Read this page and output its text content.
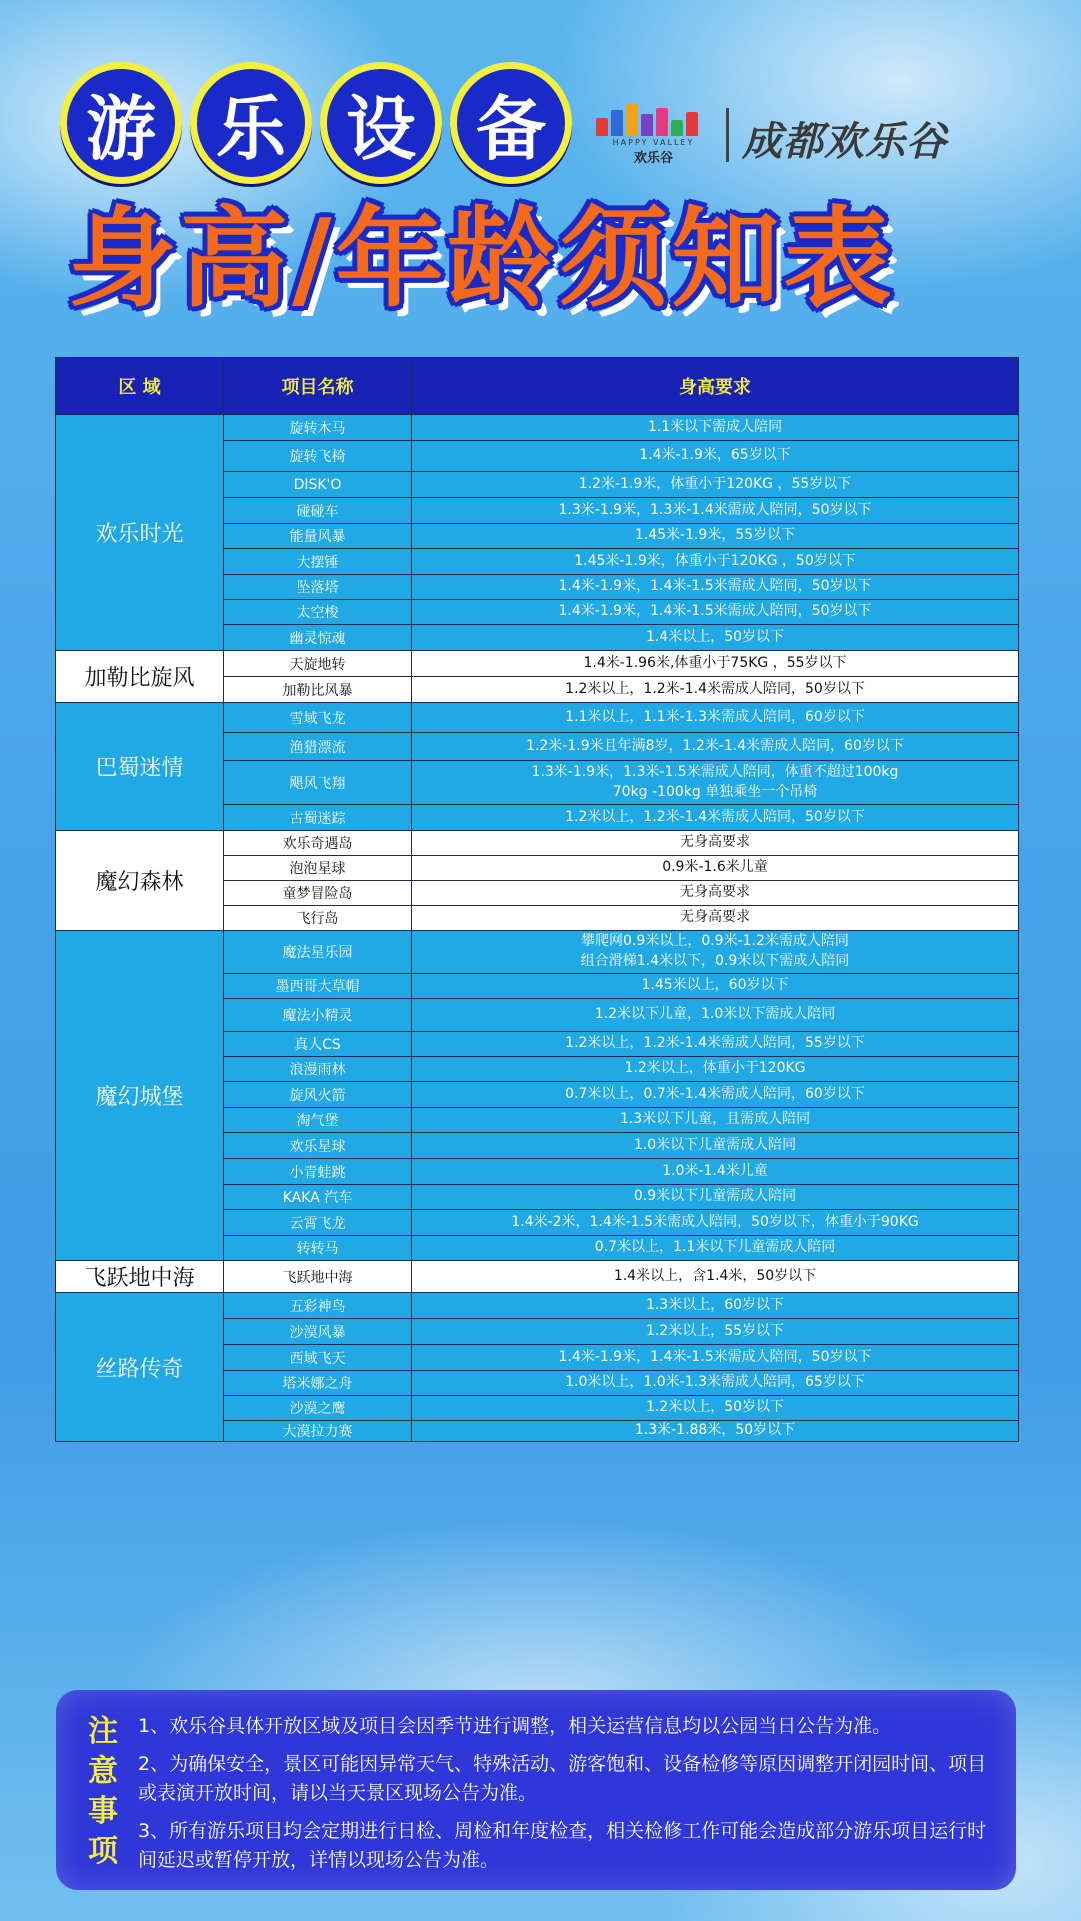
游 乐 设 备	HAPPY VALLEY
欢乐谷	成都欢乐谷
身高/年龄须知表
区 域	项目名称	身高要求
欢乐时光	旋转木马	1.1米以下需成人陪同
	旋转飞椅	1.4米-1.9米，65岁以下
	DISK'O	1.2米-1.9米，体重小于120KG ，55岁以下
	碰碰车	1.3米-1.9米，1.3米-1.4米需成人陪同，50岁以下
	能量风暴	1.45米-1.9米，55岁以下
	大摆锤	1.45米-1.9米，体重小于120KG ，50岁以下
	坠落塔	1.4米-1.9米，1.4米-1.5米需成人陪同，50岁以下
	太空梭	1.4米-1.9米，1.4米-1.5米需成人陪同，50岁以下
	幽灵惊魂	1.4米以上，50岁以下
加勒比旋风	天旋地转	1.4米-1.96米,体重小于75KG ，55岁以下
	加勒比风暴	1.2米以上，1.2米-1.4米需成人陪同，50岁以下
巴蜀迷情	雪域飞龙	1.1米以上，1.1米-1.3米需成人陪同，60岁以下
	渔猎漂流	1.2米-1.9米且年满8岁，1.2米-1.4米需成人陪同，60岁以下
	飓风飞翔	1.3米-1.9米，1.3米-1.5米需成人陪同，体重不超过100kg
70kg -100kg 单独乘坐一个吊椅
	古蜀迷踪	1.2米以上，1.2米-1.4米需成人陪同，50岁以下
魔幻森林	欢乐奇遇岛	无身高要求
	泡泡星球	0.9米-1.6米儿童
	童梦冒险岛	无身高要求
	飞行岛	无身高要求
魔幻城堡	魔法星乐园	攀爬网0.9米以上，0.9米-1.2米需成人陪同
组合滑梯1.4米以下，0.9米以下需成人陪同
	墨西哥大草帽	1.45米以上，60岁以下
	魔法小精灵	1.2米以下儿童，1.0米以下需成人陪同
	真人CS	1.2米以上，1.2米-1.4米需成人陪同，55岁以下
	浪漫雨林	1.2米以上，体重小于120KG
	旋风火箭	0.7米以上，0.7米-1.4米需成人陪同，60岁以下
	淘气堡	1.3米以下儿童，且需成人陪同
	欢乐星球	1.0米以下儿童需成人陪同
	小青蛙跳	1.0米-1.4米儿童
	KAKA 汽车	0.9米以下儿童需成人陪同
	云霄飞龙	1.4米-2米，1.4米-1.5米需成人陪同，50岁以下，体重小于90KG
	转转马	0.7米以上，1.1米以下儿童需成人陪同
飞跃地中海	飞跃地中海	1.4米以上，含1.4米，50岁以下
丝路传奇	五彩神鸟	1.3米以上，60岁以下
	沙漠风暴	1.2米以上，55岁以下
	西域飞天	1.4米-1.9米，1.4米-1.5米需成人陪同，50岁以下
	塔米娜之舟	1.0米以上，1.0米-1.3米需成人陪同，65岁以下
	沙漠之鹰	1.2米以上，50岁以下
	大漠拉力赛	1.3米-1.88米，50岁以下
注意事项
1、欢乐谷具体开放区域及项目会因季节进行调整，相关运营信息均以公园当日公告为准。
2、为确保安全，景区可能因异常天气、特殊活动、游客饱和、设备检修等原因调整开闭园时间、项目或表演开放时间，请以当天景区现场公告为准。
3、所有游乐项目均会定期进行日检、周检和年度检查，相关检修工作可能会造成部分游乐项目运行时间延迟或暂停开放，详情以现场公告为准。
